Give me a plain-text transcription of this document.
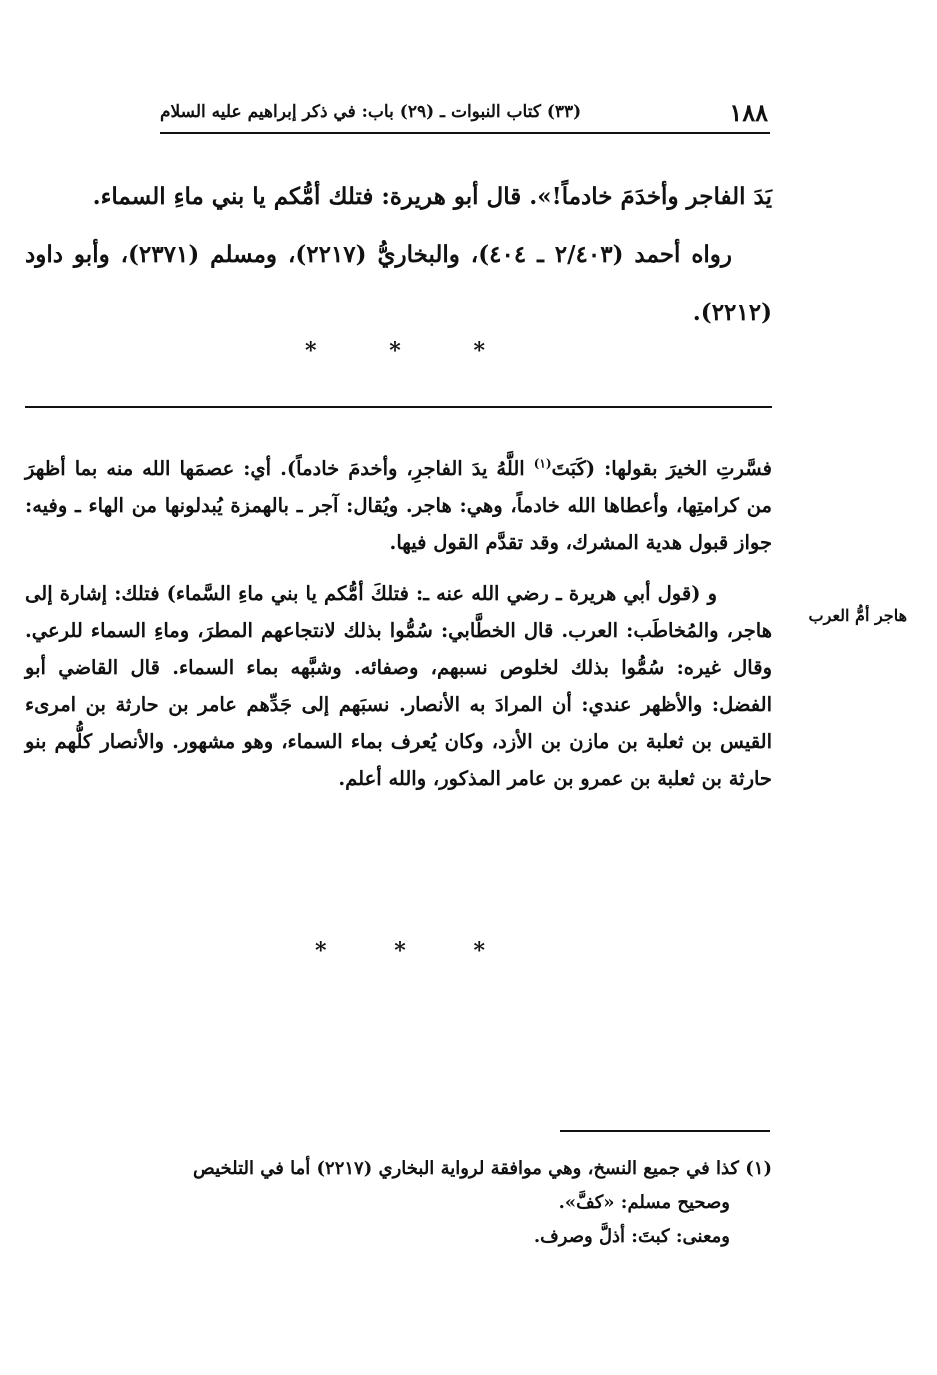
١٨٨
(٣٣) كتاب النبوات ـ (٢٩) باب: في ذكر إبراهيم عليه السلام

يَدَ الفاجر وأخدَمَ خادماً!». قال أبو هريرة: فتلك أمُّكم يا بني ماءِ السماء.

رواه أحمد (٢/٤٠٣ ـ ٤٠٤)، والبخاريُّ (٢٢١٧)، ومسلم (٢٣٧١)، وأبو داود (٢٢١٢).

*	*	*

فسَّرتِ الخيرَ بقولها: (كَبَتَ$^{(١)}$ اللَّهُ يدَ الفاجرِ، وأخدمَ خادماً). أي: عصمَها الله منه بما أظهرَ من كرامتِها، وأعطاها الله خادماً، وهي: هاجر. ويُقال: آجر ـ بالهمزة يُبدلونها من الهاء ـ وفيه: جواز قبول هدية المشرك، وقد تقدَّم القول فيها.

و (قول أبي هريرة ـ رضي الله عنه ـ: فتلكَ أمُّكم يا بني ماءِ السَّماء) فتلك: إشارة إلى هاجر، والمُخاطَب: العرب. قال الخطَّابي: سُمُّوا بذلك لانتجاعهم المطرَ، وماءِ السماء للرعي. وقال غيره: سُمُّوا بذلك لخلوص نسبهم، وصفائه. وشبَّهه بماء السماء. قال القاضي أبو الفضل: والأظهر عندي: أن المرادَ به الأنصار. نسبَهم إلى جَدِّهم عامر بن حارثة بن امرىء القيس بن ثعلبة بن مازن بن الأزد، وكان يُعرف بماء السماء، وهو مشهور. والأنصار كلُّهم بنو حارثة بن ثعلبة بن عمرو بن عامر المذكور، والله أعلم.

هاجر أمُّ العرب
*	*	*

(١) كذا في جميع النسخ، وهي موافقة لرواية البخاري (٢٢١٧) أما في التلخيص

وصحيح مسلم: «كفَّ».

ومعنى: كبتَ: أذلَّ وصرف.
